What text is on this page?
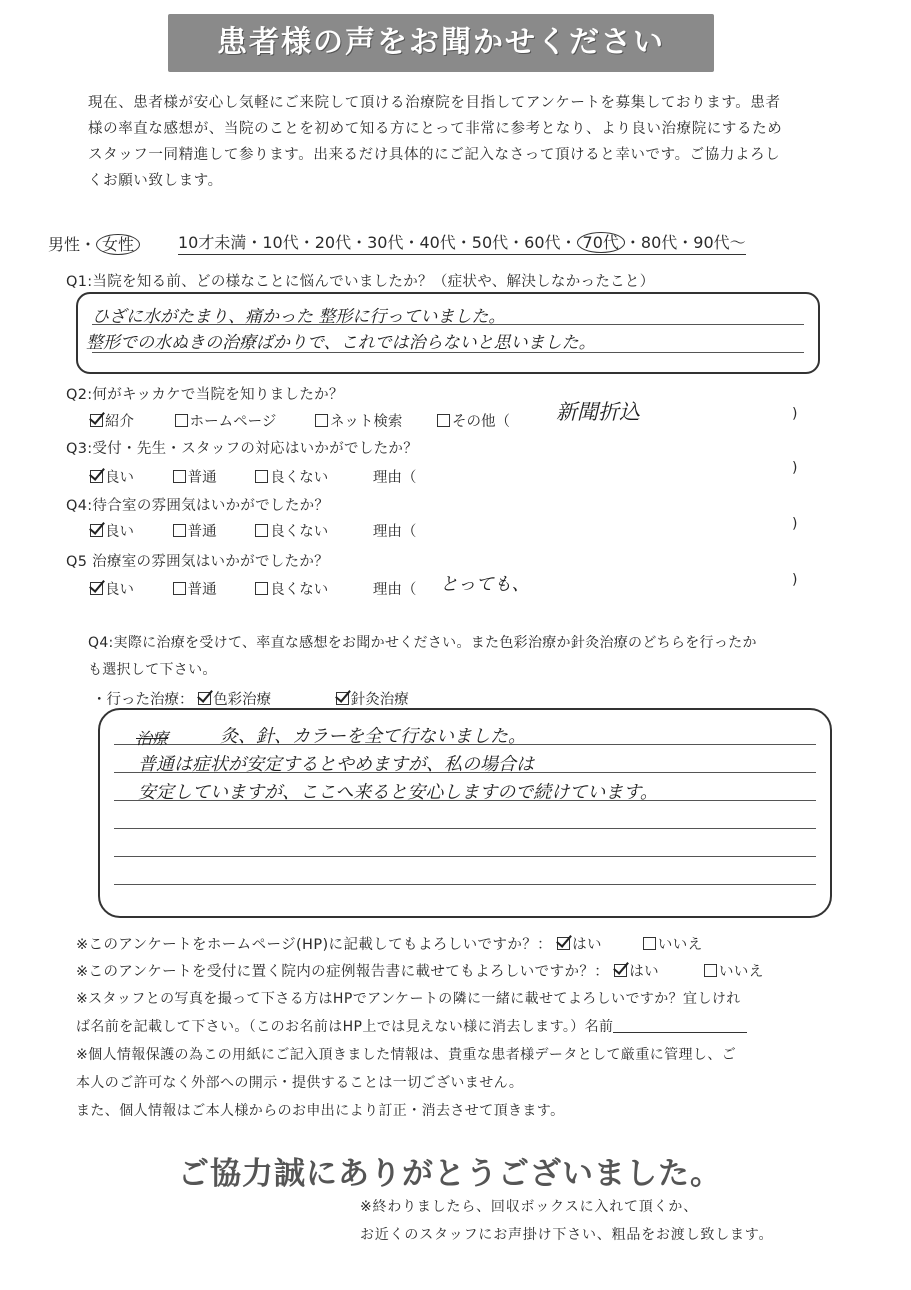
患者様の声をお聞かせください

現在、患者様が安心し気軽にご来院して頂ける治療院を目指してアンケートを募集しております。患者

様の率直な感想が、当院のことを初めて知る方にとって非常に参考となり、より良い治療院にするため

スタッフ一同精進して参ります。出来るだけ具体的にご記入なさって頂けると幸いです。ご協力よろし

くお願い致します。

男性・ 女性	10才未満・10代・20代・30代・40代・50代・60代・ 70代 ・80代・90代～
Q1:当院を知る前、どの様なことに悩んでいましたか？（症状や、解決しなかったこと）
ひざに水がたまり、痛かった 整形に行っていました。
整形での水ぬきの治療ばかりで、これでは治らないと思いました。
Q2:何がキッカケで当院を知りましたか？
紹介	ホームページ	ネット検索	その他（ 新聞折込	)
Q3:受付・先生・スタッフの対応はいかがでしたか？
良い	普通	良くない	理由（
)
Q4:待合室の雰囲気はいかがでしたか？
良い	普通	良くない	理由（	)
Q5 治療室の雰囲気はいかがでしたか？
良い	普通	良くない	理由（ とっても、	)
Q4:実際に治療を受けて、率直な感想をお聞かせください。また色彩治療か針灸治療のどちらを行ったか
も選択して下さい。
・行った治療： 色彩治療	針灸治療
治療	灸、針、カラーを全て行ないました。
普通は症状が安定するとやめますが、私の場合は
安定していますが、ここへ来ると安心しますので続けています。
※このアンケートをホームページ(HP)に記載してもよろしいですか？： はい	いいえ
※このアンケートを受付に置く院内の症例報告書に載せてもよろしいですか？： はい	いいえ
※スタッフとの写真を撮って下さる方はHPでアンケートの隣に一緒に載せてよろしいですか？宜しけれ
ば名前を記載して下さい。（このお名前はHP上では見えない様に消去します。）名前
※個人情報保護の為この用紙にご記入頂きました情報は、貴重な患者様データとして厳重に管理し、ご
本人のご許可なく外部への開示・提供することは一切ございません。
また、個人情報はご本人様からのお申出により訂正・消去させて頂きます。
ご協力誠にありがとうございました。
※終わりましたら、回収ボックスに入れて頂くか、
お近くのスタッフにお声掛け下さい、粗品をお渡し致します。
